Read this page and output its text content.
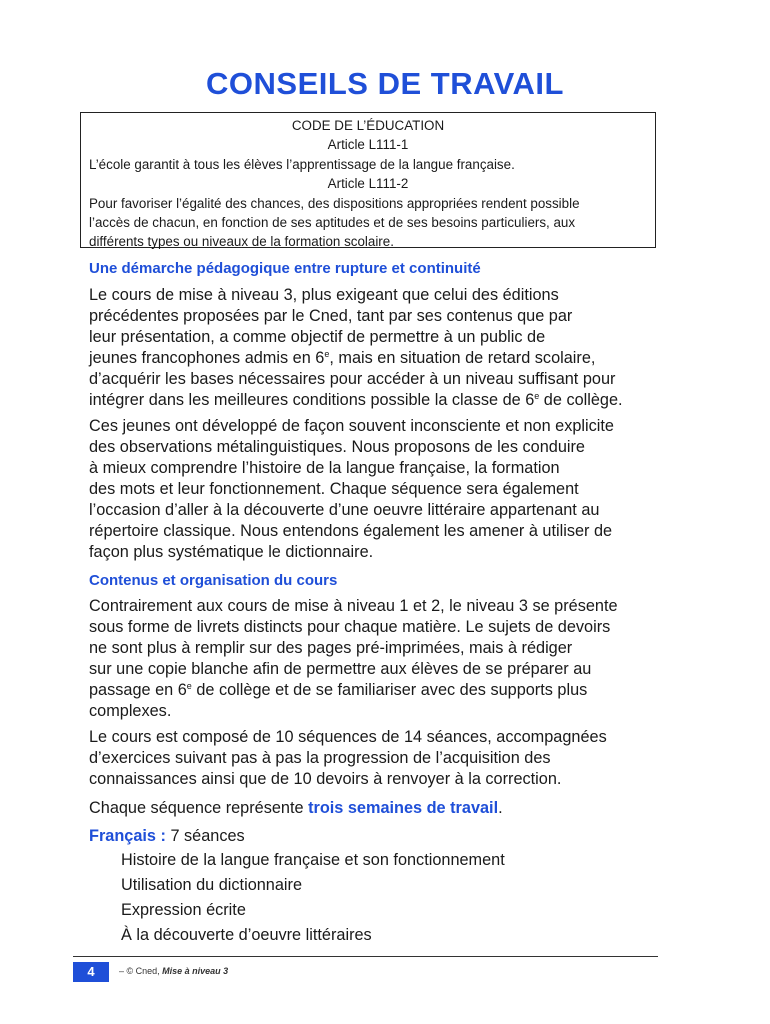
CONSEILS DE TRAVAIL
CODE DE L’ÉDUCATION
Article L111-1
L’école garantit à tous les élèves l’apprentissage de la langue française.
Article L111-2
Pour favoriser l’égalité des chances, des dispositions appropriées rendent possible
l’accès de chacun, en fonction de ses aptitudes et de ses besoins particuliers, aux
différents types ou niveaux de la formation scolaire.
Une démarche pédagogique entre rupture et continuité
Le cours de mise à niveau 3, plus exigeant que celui des éditions
précédentes proposées par le Cned, tant par ses contenus que par
leur présentation, a comme objectif de permettre à un public de
jeunes francophones admis en 6e, mais en situation de retard scolaire,
d’acquérir les bases nécessaires pour accéder à un niveau suffisant pour
intégrer dans les meilleures conditions possible la classe de 6e de collège.
Ces jeunes ont développé de façon souvent inconsciente et non explicite
des observations métalinguistiques. Nous proposons de les conduire
à mieux comprendre l’histoire de la langue française, la formation
des mots et leur fonctionnement. Chaque séquence sera également
l’occasion d’aller à la découverte d’une oeuvre littéraire appartenant au
répertoire classique. Nous entendons également les amener à utiliser de
façon plus systématique le dictionnaire.
Contenus et organisation du cours
Contrairement aux cours de mise à niveau 1 et 2, le niveau 3 se présente
sous forme de livrets distincts pour chaque matière. Le sujets de devoirs
ne sont plus à remplir sur des pages pré-imprimées, mais à rédiger
sur une copie blanche afin de permettre aux élèves de se préparer au
passage en 6e de collège et de se familiariser avec des supports plus
complexes.
Le cours est composé de 10 séquences de 14 séances, accompagnées
d’exercices suivant pas à pas la progression de l’acquisition des
connaissances ainsi que de 10 devoirs à renvoyer à la correction.
Chaque séquence représente trois semaines de travail.
Français : 7 séances
Histoire de la langue française et son fonctionnement
Utilisation du dictionnaire
Expression écrite
À la découverte d’oeuvre littéraires
4	– © Cned, Mise à niveau 3
